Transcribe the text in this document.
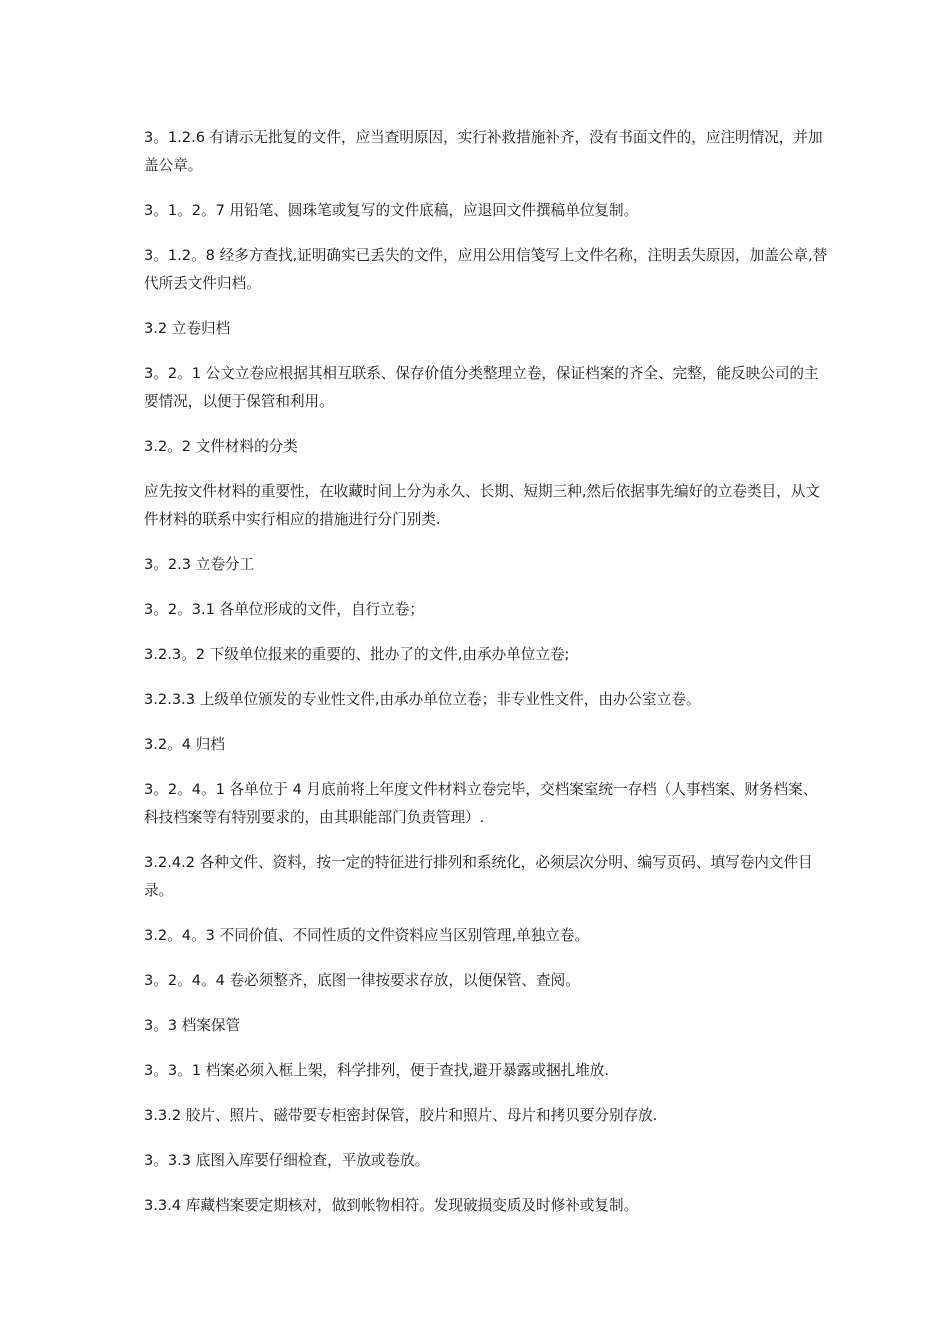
3。1.2.6 有请示无批复的文件，应当查明原因，实行补救措施补齐，没有书面文件的，应注明情况，并加盖公章。

3。1。2。7 用铅笔、圆珠笔或复写的文件底稿，应退回文件撰稿单位复制。

3。1.2。8 经多方查找,证明确实已丢失的文件，应用公用信笺写上文件名称，注明丢失原因，加盖公章,替代所丢文件归档。

3.2 立卷归档

3。2。1 公文立卷应根据其相互联系、保存价值分类整理立卷，保证档案的齐全、完整，能反映公司的主要情况，以便于保管和利用。

3.2。2 文件材料的分类

应先按文件材料的重要性，在收藏时间上分为永久、长期、短期三种,然后依据事先编好的立卷类目，从文件材料的联系中实行相应的措施进行分门别类.

3。2.3 立卷分工

3。2。3.1 各单位形成的文件，自行立卷；

3.2.3。2 下级单位报来的重要的、批办了的文件,由承办单位立卷;

3.2.3.3 上级单位颁发的专业性文件,由承办单位立卷；非专业性文件，由办公室立卷。

3.2。4 归档

3。2。4。1 各单位于 4 月底前将上年度文件材料立卷完毕，交档案室统一存档（人事档案、财务档案、科技档案等有特别要求的，由其职能部门负责管理）.

3.2.4.2 各种文件、资料，按一定的特征进行排列和系统化，必须层次分明、编写页码、填写卷内文件目录。

3.2。4。3 不同价值、不同性质的文件资料应当区别管理,单独立卷。

3。2。4。4 卷必须整齐，底图一律按要求存放，以便保管、查阅。

3。3 档案保管

3。3。1 档案必须入框上架，科学排列，便于查找,避开暴露或捆扎堆放.

3.3.2 胶片、照片、磁带要专柜密封保管，胶片和照片、母片和拷贝要分别存放.

3。3.3 底图入库要仔细检查，平放或卷放。

3.3.4 库藏档案要定期核对，做到帐物相符。发现破损变质及时修补或复制。
